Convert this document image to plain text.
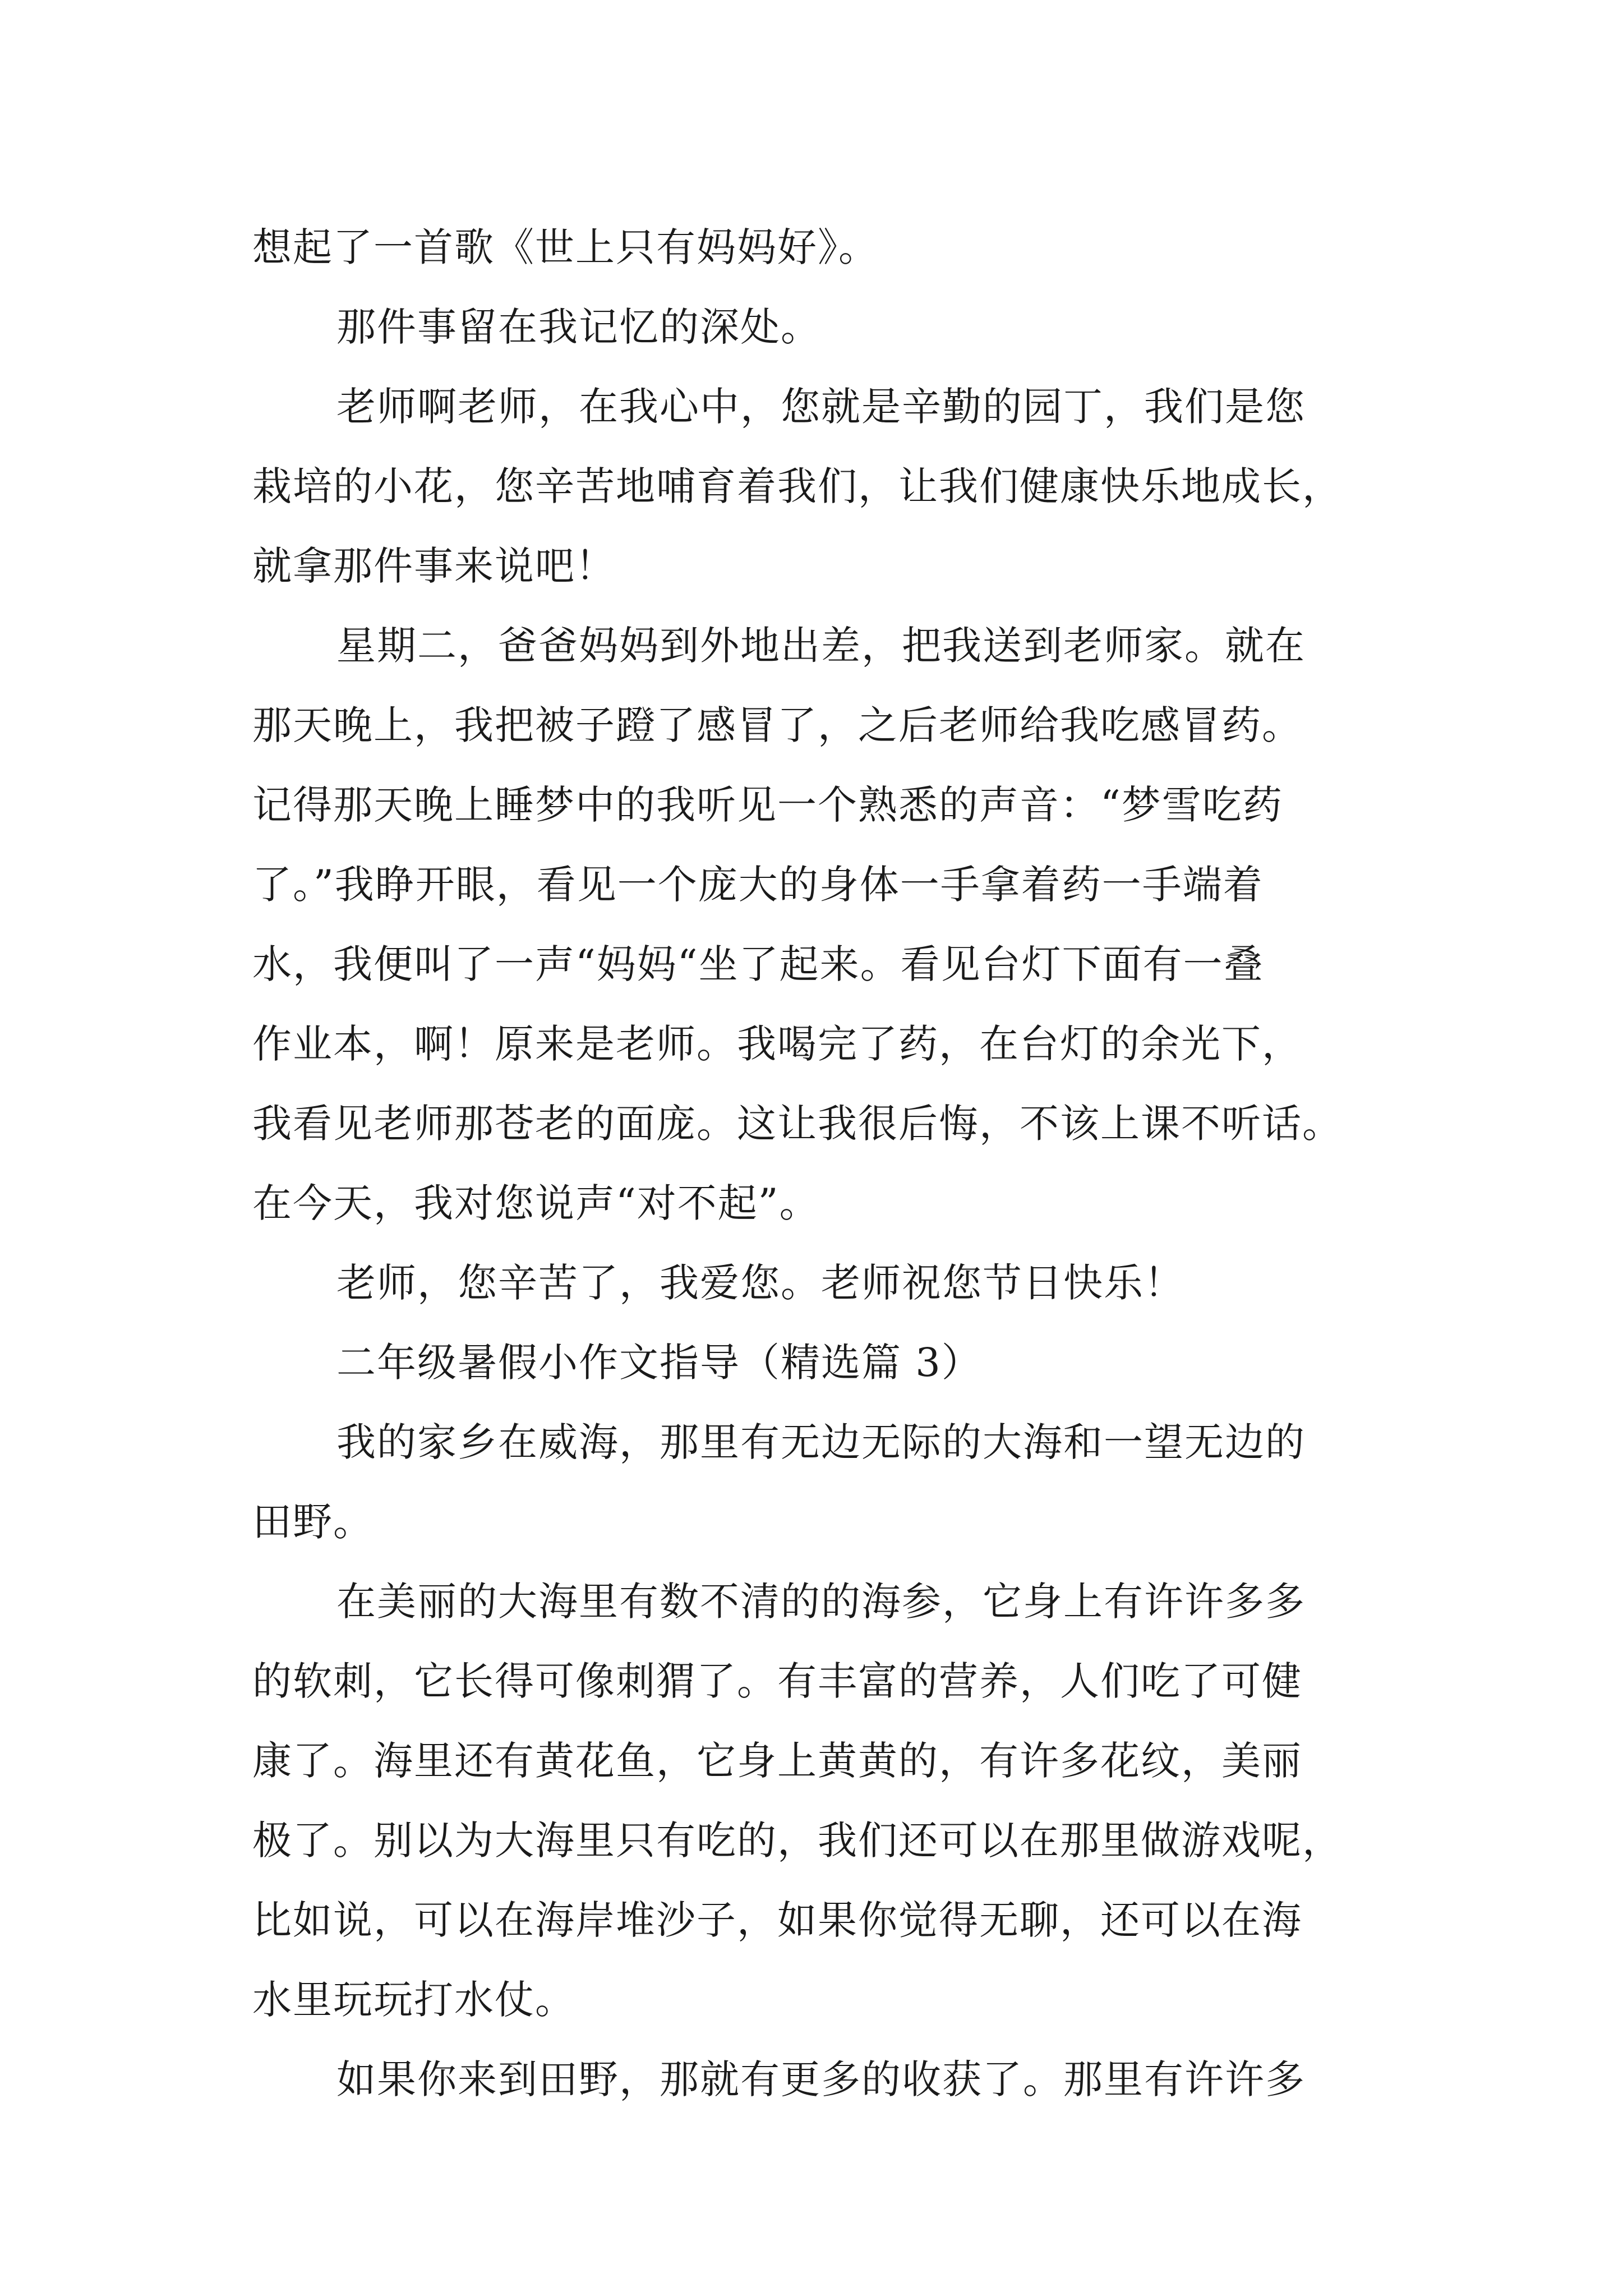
想起了一首歌《世上只有妈妈好》。
那件事留在我记忆的深处。
老师啊老师，在我心中，您就是辛勤的园丁，我们是您
栽培的小花，您辛苦地哺育着我们，让我们健康快乐地成长，
就拿那件事来说吧！
星期二，爸爸妈妈到外地出差，把我送到老师家。就在
那天晚上，我把被子蹬了感冒了，之后老师给我吃感冒药。
记得那天晚上睡梦中的我听见一个熟悉的声音：“梦雪吃药
了。”我睁开眼，看见一个庞大的身体一手拿着药一手端着
水，我便叫了一声“妈妈“坐了起来。看见台灯下面有一叠
作业本，啊！原来是老师。我喝完了药，在台灯的余光下，
我看见老师那苍老的面庞。这让我很后悔，不该上课不听话。
在今天，我对您说声“对不起”。
老师，您辛苦了，我爱您。老师祝您节日快乐！
二年级暑假小作文指导（精选篇 3）
我的家乡在威海，那里有无边无际的大海和一望无边的
田野。
在美丽的大海里有数不清的的海参，它身上有许许多多
的软刺，它长得可像刺猬了。有丰富的营养，人们吃了可健
康了。海里还有黄花鱼，它身上黄黄的，有许多花纹，美丽
极了。别以为大海里只有吃的，我们还可以在那里做游戏呢，
比如说，可以在海岸堆沙子，如果你觉得无聊，还可以在海
水里玩玩打水仗。
如果你来到田野，那就有更多的收获了。那里有许许多
